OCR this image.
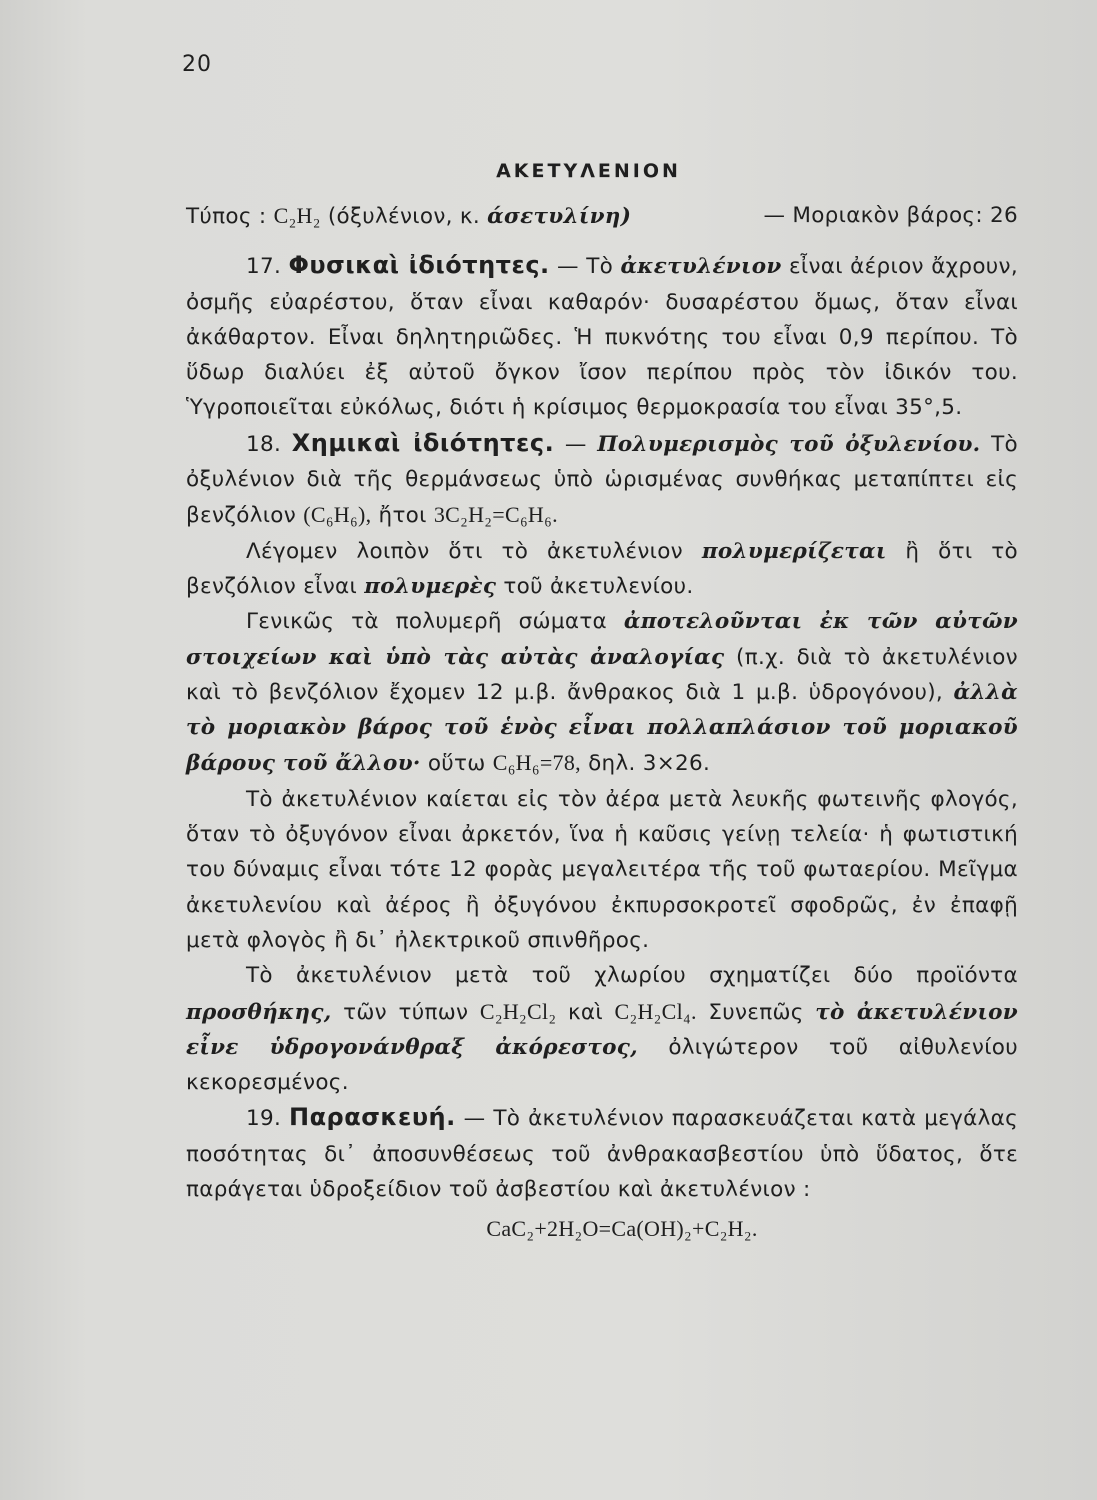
20
ΑΚΕΤΥΛΕΝΙΟΝ

Τύπος : C₂H₂ (όξυλένιον, κ. άσετυλίνη)	— Μοριακὸν βάρος: 26

17. Φυσικαὶ ἰδιότητες. — Τὸ ἀκετυλένιον εἶναι ἀέριον ἄχρουν, ὀσμῆς εὐαρέστου, ὅταν εἶναι καθαρόν· δυσαρέστου ὅμως, ὅταν εἶναι ἀκάθαρτον. Εἶναι δηλητηριῶδες. Ἡ πυκνότης του εἶναι 0,9 περίπου. Τὸ ὕδωρ διαλύει ἐξ αὐτοῦ ὄγκον ἴσον περίπου πρὸς τὸν ἰδικόν του. Ὑγροποιεῖται εὐκόλως, διότι ἡ κρίσιμος θερμοκρασία του εἶναι 35°,5.

18. Χημικαὶ ἰδιότητες. — Πολυμερισμὸς τοῦ ὀξυλενίου. Τὸ ὀξυλένιον διὰ τῆς θερμάνσεως ὑπὸ ὡρισμένας συνθήκας μεταπίπτει εἰς βενζόλιον (C₆H₆), ἤτοι 3C₂H₂=C₆H₆.

Λέγομεν λοιπὸν ὅτι τὸ ἀκετυλένιον πολυμερίζεται ἢ ὅτι τὸ βενζόλιον εἶναι πολυμερὲς τοῦ ἀκετυλενίου.

Γενικῶς τὰ πολυμερῆ σώματα ἀποτελοῦνται ἐκ τῶν αὐτῶν στοιχείων καὶ ὑπὸ τὰς αὐτὰς ἀναλογίας (π.χ. διὰ τὸ ἀκετυλένιον καὶ τὸ βενζόλιον ἔχομεν 12 μ.β. ἄνθρακος διὰ 1 μ.β. ὑδρογόνου), ἀλλὰ τὸ μοριακὸν βάρος τοῦ ἑνὸς εἶναι πολλαπλάσιον τοῦ μοριακοῦ βάρους τοῦ ἄλλου· οὕτω C₆H₆=78, δηλ. 3×26.

Τὸ ἀκετυλένιον καίεται εἰς τὸν ἀέρα μετὰ λευκῆς φωτεινῆς φλογός, ὅταν τὸ ὀξυγόνον εἶναι ἀρκετόν, ἵνα ἡ καῦσις γείνῃ τελεία· ἡ φωτιστική του δύναμις εἶναι τότε 12 φορὰς μεγαλειτέρα τῆς τοῦ φωταερίου. Μεῖγμα ἀκετυλενίου καὶ ἀέρος ἢ ὀξυγόνου ἐκπυρσοκροτεῖ σφοδρῶς, ἐν ἐπαφῇ μετὰ φλογὸς ἢ δι᾽ ἠλεκτρικοῦ σπινθῆρος.

Τὸ ἀκετυλένιον μετὰ τοῦ χλωρίου σχηματίζει δύο προϊόντα προσθήκης, τῶν τύπων C₂H₂Cl₂ καὶ C₂H₂Cl₄. Συνεπῶς τὸ ἀκετυλένιον εἶνε ὑδρογονάνθραξ ἀκόρεστος, ὀλιγώτερον τοῦ αἰθυλενίου κεκορεσμένος.

19. Παρασκευή. — Τὸ ἀκετυλένιον παρασκευάζεται κατὰ μεγάλας ποσότητας δι᾽ ἀποσυνθέσεως τοῦ ἀνθρακασβεστίου ὑπὸ ὕδατος, ὅτε παράγεται ὑδροξείδιον τοῦ ἀσβεστίου καὶ ἀκετυλένιον :

CaC₂+2H₂O=Ca(OH)₂+C₂H₂.
